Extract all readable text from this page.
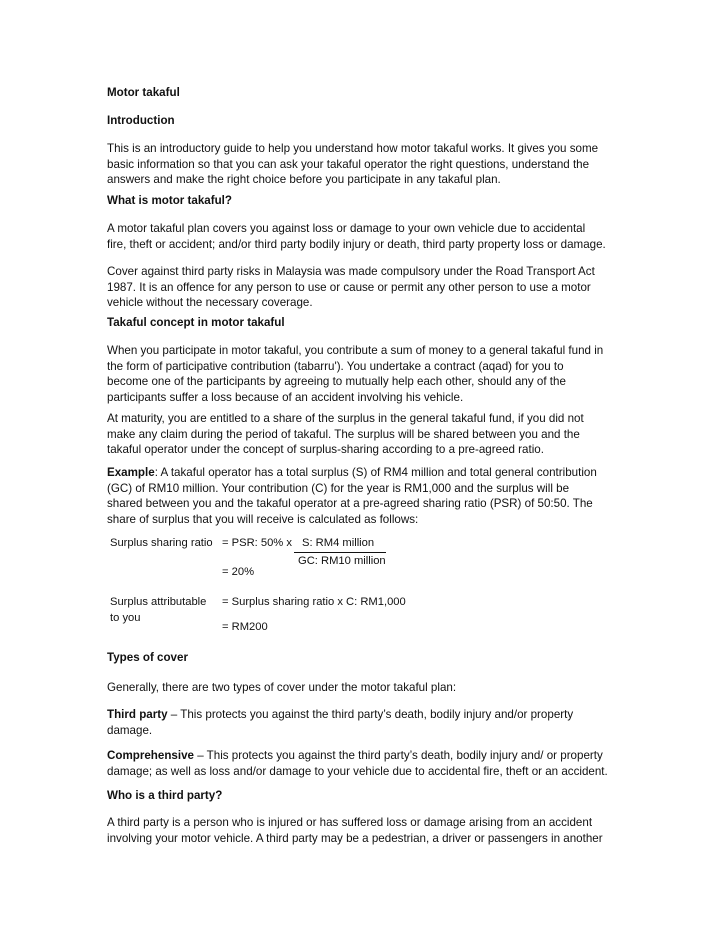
Motor takaful
Introduction
This is an introductory guide to help you understand how motor takaful works. It gives you some
basic information so that you can ask your takaful operator the right questions, understand the
answers and make the right choice before you participate in any takaful plan.
What is motor takaful?
A motor takaful plan covers you against loss or damage to your own vehicle due to accidental
fire, theft or accident; and/or third party bodily injury or death, third party property loss or damage.
Cover against third party risks in Malaysia was made compulsory under the Road Transport Act
1987. It is an offence for any person to use or cause or permit any other person to use a motor
vehicle without the necessary coverage.
Takaful concept in motor takaful
When you participate in motor takaful, you contribute a sum of money to a general takaful fund in
the form of participative contribution (tabarru'). You undertake a contract (aqad) for you to
become one of the participants by agreeing to mutually help each other, should any of the
participants suffer a loss because of an accident involving his vehicle.
At maturity, you are entitled to a share of the surplus in the general takaful fund, if you did not
make any claim during the period of takaful. The surplus will be shared between you and the
takaful operator under the concept of surplus-sharing according to a pre-agreed ratio.
Example: A takaful operator has a total surplus (S) of RM4 million and total general contribution
(GC) of RM10 million. Your contribution (C) for the year is RM1,000 and the surplus will be
shared between you and the takaful operator at a pre-agreed sharing ratio (PSR) of 50:50. The
share of surplus that you will receive is calculated as follows:
Surplus sharing ratio = PSR: 50% x S: RM4 million
GC: RM10 million
= 20%
Surplus attributable
to you
= Surplus sharing ratio x C: RM1,000
= RM200
Types of cover
Generally, there are two types of cover under the motor takaful plan:
Third party – This protects you against the third party’s death, bodily injury and/or property
damage.
Comprehensive – This protects you against the third party’s death, bodily injury and/ or property
damage; as well as loss and/or damage to your vehicle due to accidental fire, theft or an accident.
Who is a third party?
A third party is a person who is injured or has suffered loss or damage arising from an accident
involving your motor vehicle. A third party may be a pedestrian, a driver or passengers in another
